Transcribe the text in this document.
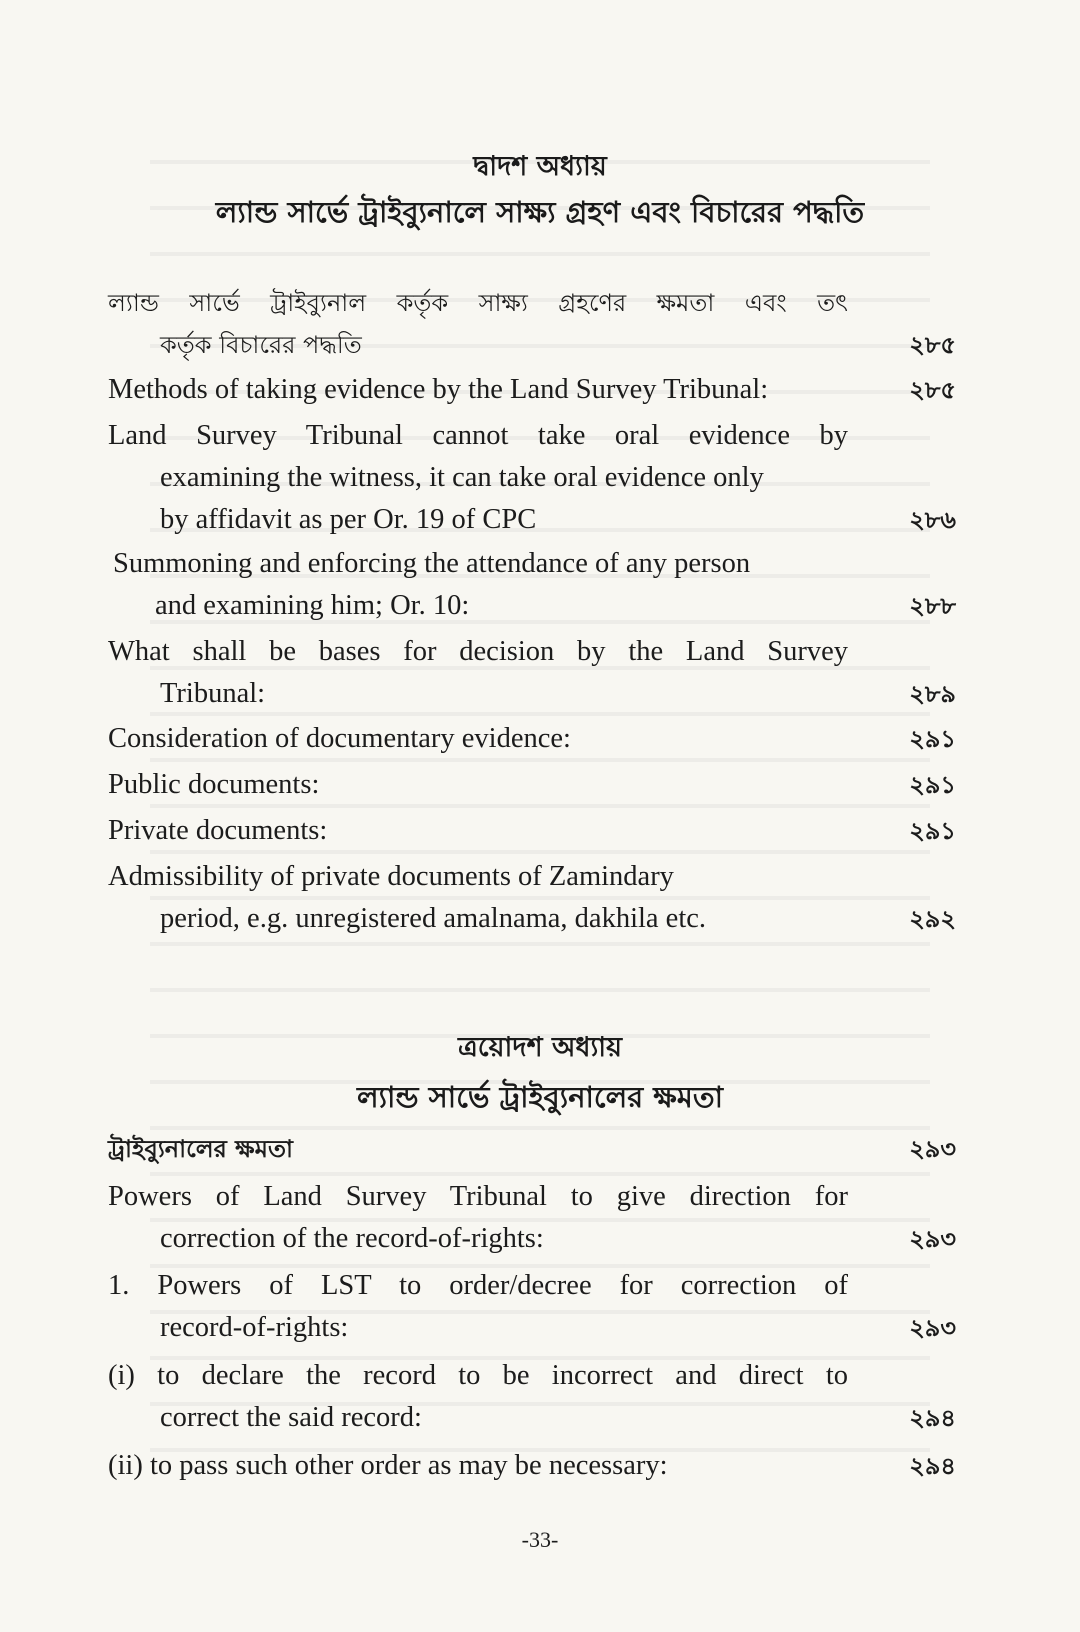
দ্বাদশ অধ্যায়
ল্যান্ড সার্ভে ট্রাইব্যুনালে সাক্ষ্য গ্রহণ এবং বিচারের পদ্ধতি
ল্যান্ড সার্ভে ট্রাইব্যুনাল কর্তৃক সাক্ষ্য গ্রহণের ক্ষমতা এবং তৎ
কর্তৃক বিচারের পদ্ধতি	২৮৫
Methods of taking evidence by the Land Survey Tribunal:	২৮৫
Land Survey Tribunal cannot take oral evidence by
examining the witness, it can take oral evidence only
by affidavit as per Or. 19 of CPC	২৮৬
Summoning and enforcing the attendance of any person
and examining him; Or. 10:	২৮৮
What shall be bases for decision by the Land Survey
Tribunal:	২৮৯
Consideration of documentary evidence:	২৯১
Public documents:	২৯১
Private documents:	২৯১
Admissibility of private documents of Zamindary
period, e.g. unregistered amalnama, dakhila etc.	২৯২
ত্রয়োদশ অধ্যায়
ল্যান্ড সার্ভে ট্রাইব্যুনালের ক্ষমতা
ট্রাইব্যুনালের ক্ষমতা	২৯৩
Powers of Land Survey Tribunal to give direction for
correction of the record-of-rights:	২৯৩
1. Powers of LST to order/decree for correction of
record-of-rights:	২৯৩
(i) to declare the record to be incorrect and direct to
correct the said record:	২৯৪
(ii) to pass such other order as may be necessary:	২৯৪
-33-
